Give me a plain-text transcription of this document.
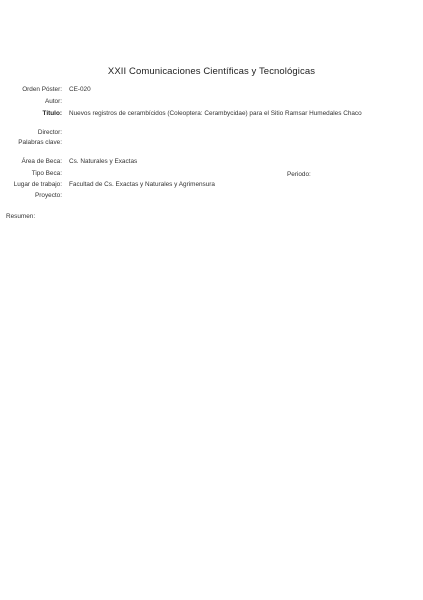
XXII Comunicaciones Científicas y Tecnológicas
Orden Póster: CE-020
Autor:
Título: Nuevos registros de cerambícidos (Coleoptera: Cerambycidae) para el Sitio Ramsar Humedales Chaco
Director:
Palabras clave:
Área de Beca: Cs. Naturales y Exactas
Tipo Beca:	Periodo:
Lugar de trabajo: Facultad de Cs. Exactas y Naturales y Agrimensura
Proyecto:
Resumen:
